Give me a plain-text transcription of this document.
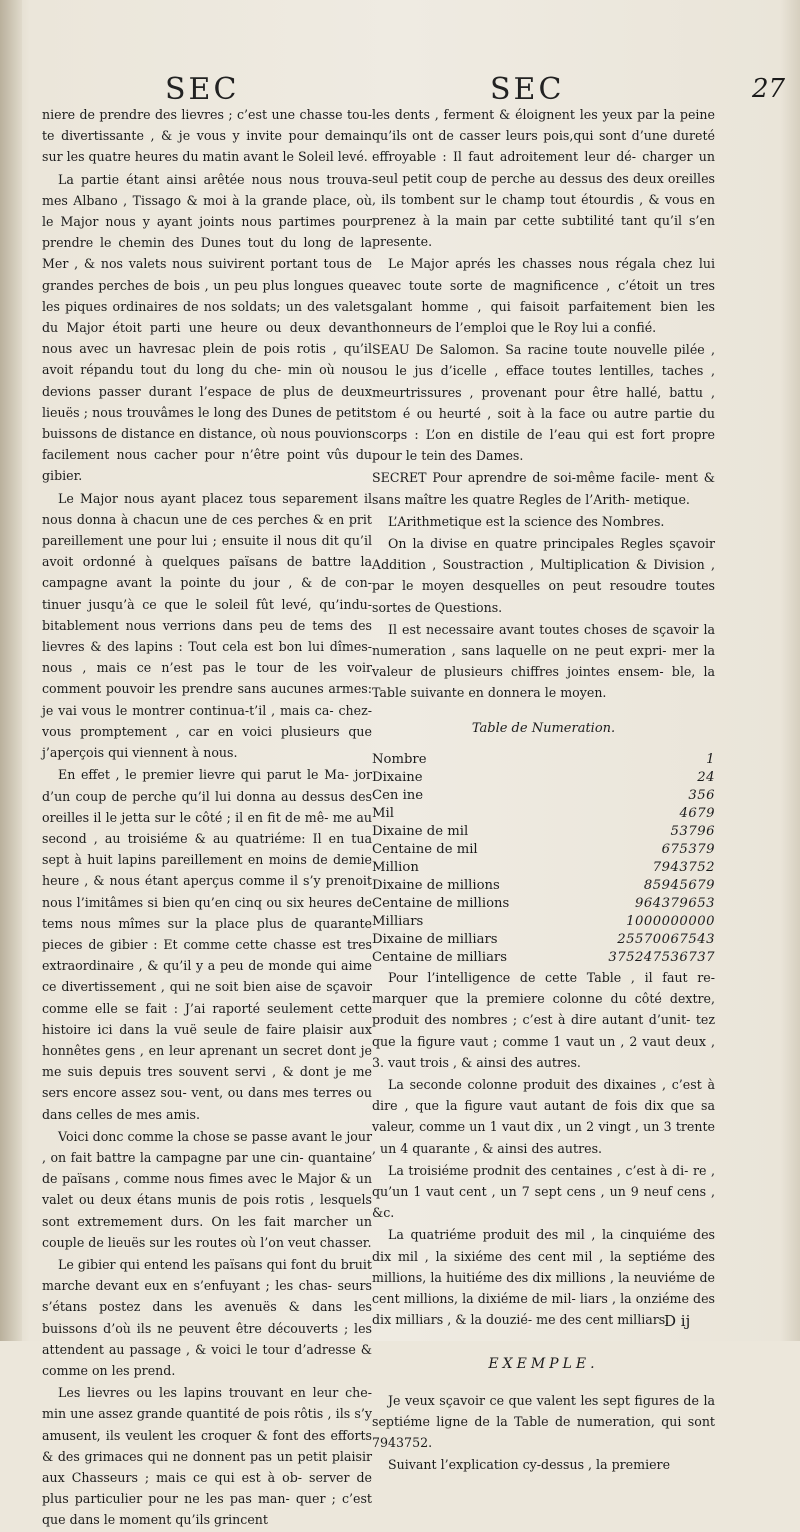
SEC	SEC	27

niere de prendre des lievres ; c’est une chasse tou- te divertissante , & je vous y invite pour demain sur les quatre heures du matin avant le Soleil levé.

La partie étant ainsi arêtée nous nous trouva- mes Albano , Tissago & moi à la grande place, où le Major nous y ayant joints nous partimes pour prendre le chemin des Dunes tout du long de la Mer , & nos valets nous suivirent portant tous de grandes perches de bois , un peu plus longues que les piques ordinaires de nos soldats; un des valets du Major étoit parti une heure ou deux devant nous avec un havresac plein de pois rotis , qu’il avoit répandu tout du long du che- min où nous devions passer durant l’espace de plus de deux lieuës ; nous trouvâmes le long des Dunes de petits buissons de distance en distance, où nous pouvions facilement nous cacher pour n’être point vûs du gibier.

Le Major nous ayant placez tous separement il nous donna à chacun une de ces perches & en prit pareillement une pour lui ; ensuite il nous dit qu’il avoit ordonné à quelques païsans de battre la campagne avant la pointe du jour , & de con- tinuer jusqu’à ce que le soleil fût levé, qu’indu- bitablement nous verrions dans peu de tems des lievres & des lapins : Tout cela est bon lui dîmes-nous , mais ce n’est pas le tour de les voir comment pouvoir les prendre sans aucunes armes: je vai vous le montrer continua-t’il , mais ca- chez-vous promptement , car en voici plusieurs que j’aperçois qui viennent à nous.

En effet , le premier lievre qui parut le Ma- jor d’un coup de perche qu’il lui donna au dessus des oreilles il le jetta sur le côté ; il en fit de mê- me au second , au troisiéme & au quatriéme: Il en tua sept à huit lapins pareillement en moins de demie heure , & nous étant aperçus comme il s’y prenoit nous l’imitâmes si bien qu’en cinq ou six heures de tems nous mîmes sur la place plus de quarante pieces de gibier : Et comme cette chasse est tres extraordinaire , & qu’il y a peu de monde qui aime ce divertissement , qui ne soit bien aise de sçavoir comme elle se fait : J’ai raporté seulement cette histoire ici dans la vuë seule de faire plaisir aux honnêtes gens , en leur aprenant un secret dont je me suis depuis tres souvent servi , & dont je me sers encore assez sou- vent, ou dans mes terres ou dans celles de mes amis.

Voici donc comme la chose se passe avant le jour , on fait battre la campagne par une cin- quantaine de païsans , comme nous fimes avec le Major & un valet ou deux étans munis de pois rotis , lesquels sont extremement durs. On les fait marcher un couple de lieuës sur les routes où l’on veut chasser.

Le gibier qui entend les païsans qui font du bruit marche devant eux en s’enfuyant ; les chas- seurs s’étans postez dans les avenuës & dans les buissons d’où ils ne peuvent être découverts ; les attendent au passage , & voici le tour d’adresse & comme on les prend.

Les lievres ou les lapins trouvant en leur che- min une assez grande quantité de pois rôtis , ils s’y amusent, ils veulent les croquer & font des efforts & des grimaces qui ne donnent pas un petit plaisir aux Chasseurs ; mais ce qui est à ob- server de plus particulier pour ne les pas man- quer ; c’est que dans le moment qu’ils grincent

les dents , ferment & éloignent les yeux par la peine qu’ils ont de casser leurs pois,qui sont d’une dureté effroyable : Il faut adroitement leur dé- charger un seul petit coup de perche au dessus des deux oreilles , ils tombent sur le champ tout étourdis , & vous en prenez à la main par cette subtilité tant qu’il s’en presente.

Le Major aprés les chasses nous régala chez lui avec toute sorte de magnificence , c’étoit un tres galant homme , qui faisoit parfaitement bien les honneurs de l’emploi que le Roy lui a confié.

SEAU De Salomon. Sa racine toute nouvelle pilée , ou le jus d’icelle , efface toutes lentilles, taches , meurtrissures , provenant pour être hallé, battu , tom é ou heurté , soit à la face ou autre partie du corps : L’on en distile de l’eau qui est fort propre pour le tein des Dames.

SECRET Pour aprendre de soi-même facile- ment & sans maître les quatre Regles de l’Arith- metique.

L’Arithmetique est la science des Nombres.

On la divise en quatre principales Regles sçavoir Addition , Soustraction , Multiplication & Division , par le moyen desquelles on peut resoudre toutes sortes de Questions.

Il est necessaire avant toutes choses de sçavoir la numeration , sans laquelle on ne peut expri- mer la valeur de plusieurs chiffres jointes ensem- ble, la Table suivante en donnera le moyen.

Table de Numeration.
Nombre	1
Dixaine	24
Cen ine	356
Mil	4679
Dixaine de mil	53796
Centaine de mil	675379
Million	7943752
Dixaine de millions	85945679
Centaine de millions	964379653
Milliars	1000000000
Dixaine de milliars	25570067543
Centaine de milliars	375247536737

Pour l’intelligence de cette Table , il faut re- marquer que la premiere colonne du côté dextre, produit des nombres ; c’est à dire autant d’unit- tez que la figure vaut ; comme 1 vaut un , 2 vaut deux , 3. vaut trois , & ainsi des autres.

La seconde colonne produit des dixaines , c’est à dire , que la figure vaut autant de fois dix que sa valeur, comme un 1 vaut dix , un 2 vingt , un 3 trente , un 4 quarante , & ainsi des autres.

La troisiéme prodnit des centaines , c’est à di- re , qu’un 1 vaut cent , un 7 sept cens , un 9 neuf cens , &c.

La quatriéme produit des mil , la cinquiéme des dix mil , la sixiéme des cent mil , la septiéme des millions, la huitiéme des dix millions , la neuviéme de cent millions, la dixiéme de mil- liars , la onziéme des dix milliars , & la douzié- me des cent milliars.

EXEMPLE.

Je veux sçavoir ce que valent les sept figures de la septiéme ligne de la Table de numeration, qui sont 7943752.

Suivant l’explication cy-dessus , la premiere

D ij
